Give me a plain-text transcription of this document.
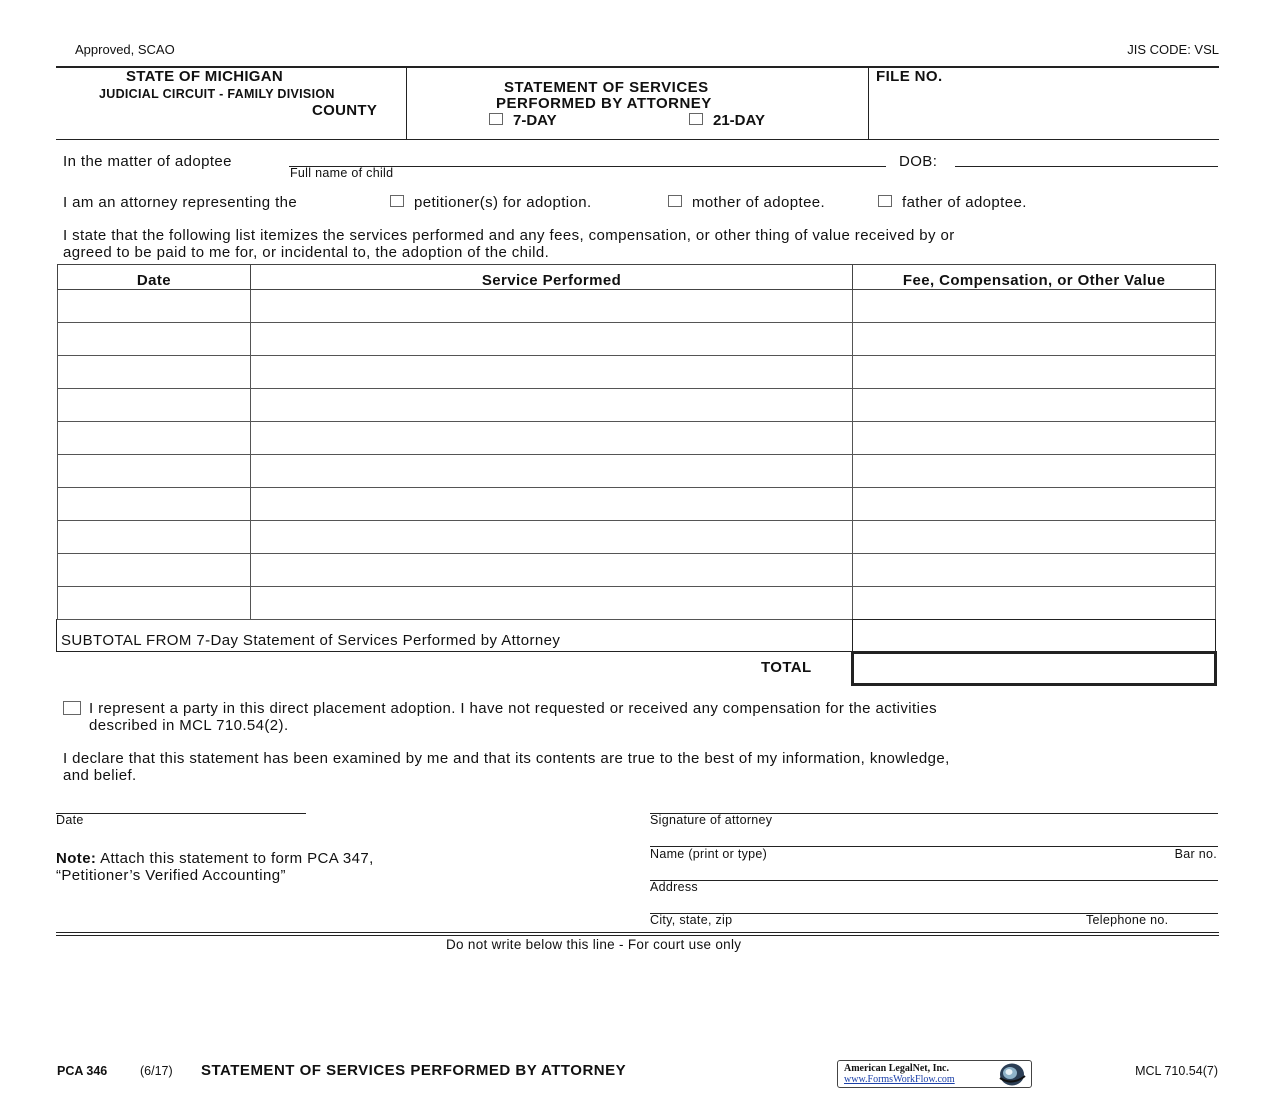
Approved, SCAO	JIS CODE: VSL
STATE OF MICHIGAN
JUDICIAL CIRCUIT - FAMILY DIVISION
COUNTY
STATEMENT OF SERVICES
PERFORMED BY ATTORNEY
7-DAY	21-DAY
FILE NO.
In the matter of adoptee
Full name of child
DOB:
I am an attorney representing the	petitioner(s) for adoption.	mother of adoptee.	father of adoptee.
I state that the following list itemizes the services performed and any fees, compensation, or other thing of value received by or
agreed to be paid to me for, or incidental to, the adoption of the child.
Date	Service Performed	Fee, Compensation, or Other Value

SUBTOTAL FROM 7-Day Statement of Services Performed by Attorney
TOTAL
I represent a party in this direct placement adoption. I have not requested or received any compensation for the activities
described in MCL 710.54(2).
I declare that this statement has been examined by me and that its contents are true to the best of my information, knowledge,
and belief.
Date	Signature of attorney
Name (print or type)	Bar no.
Address
City, state, zip	Telephone no.
Note: Attach this statement to form PCA 347,
“Petitioner’s Verified Accounting”
Do not write below this line - For court use only
PCA 346	(6/17) STATEMENT OF SERVICES PERFORMED BY ATTORNEY	American LegalNet, Inc.
www.FormsWorkFlow.com
MCL 710.54(7)
